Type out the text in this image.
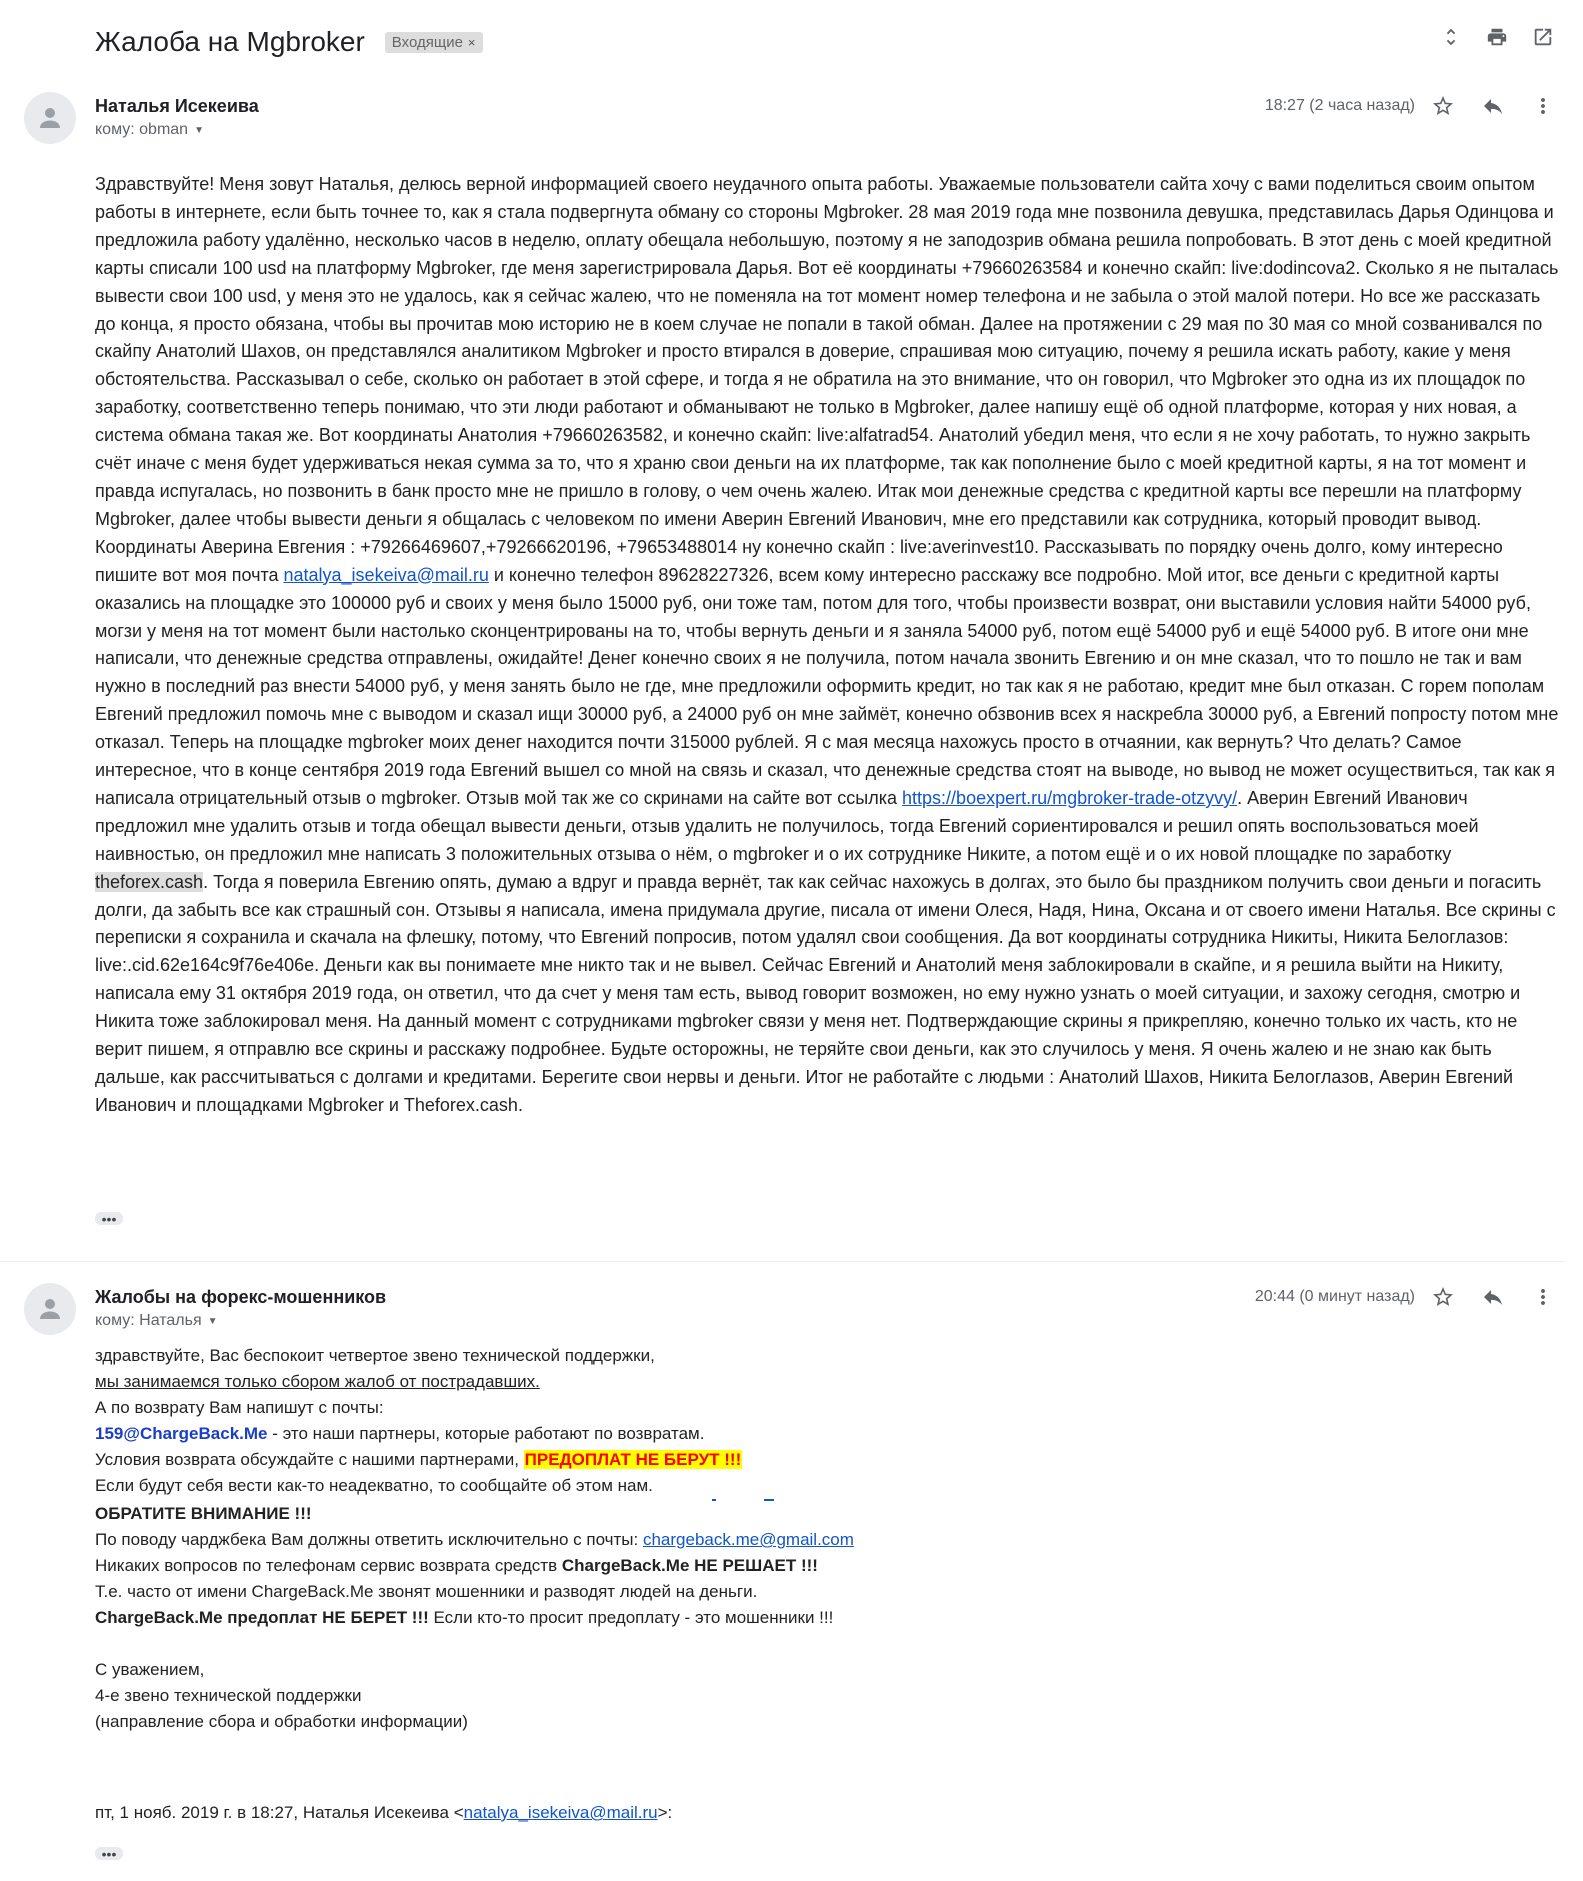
Жалоба на Mgbroker Входящие ×
Наталья Исекеива
кому: obman ▼
18:27 (2 часа назад)
Здравствуйте! Меня зовут Наталья, делюсь верной информацией своего неудачного опыта работы. Уважаемые пользователи сайта хочу с вами поделиться своим опытом работы в интернете, если быть точнее то, как я стала подвергнута обману со стороны Mgbroker. 28 мая 2019 года мне позвонила девушка, представилась Дарья Одинцова и предложила работу удалённо, несколько часов в неделю, оплату обещала небольшую, поэтому я не заподозрив обмана решила попробовать. В этот день с моей кредитной карты списали 100 usd на платформу Mgbroker, где меня зарегистрировала Дарья. Вот её координаты +79660263584 и конечно скайп: live:dodincova2. Сколько я не пыталась вывести свои 100 usd, у меня это не удалось, как я сейчас жалею, что не поменяла на тот момент номер телефона и не забыла о этой малой потери. Но все же рассказать до конца, я просто обязана, чтобы вы прочитав мою историю не в коем случае не попали в такой обман. Далее на протяжении с 29 мая по 30 мая со мной созванивался по скайпу Анатолий Шахов, он представлялся аналитиком Mgbroker и просто втирался в доверие, спрашивая мою ситуацию, почему я решила искать работу, какие у меня обстоятельства. Рассказывал о себе, сколько он работает в этой сфере, и тогда я не обратила на это внимание, что он говорил, что Mgbroker это одна из их площадок по заработку, соответственно теперь понимаю, что эти люди работают и обманывают не только в Mgbroker, далее напишу ещё об одной платформе, которая у них новая, а система обмана такая же. Вот координаты Анатолия +79660263582, и конечно скайп: live:alfatrad54. Анатолий убедил меня, что если я не хочу работать, то нужно закрыть счёт иначе с меня будет удерживаться некая сумма за то, что я храню свои деньги на их платформе, так как пополнение было с моей кредитной карты, я на тот момент и правда испугалась, но позвонить в банк просто мне не пришло в голову, о чем очень жалею. Итак мои денежные средства с кредитной карты все перешли на платформу Mgbroker, далее чтобы вывести деньги я общалась с человеком по имени Аверин Евгений Иванович, мне его представили как сотрудника, который проводит вывод. Координаты Аверина Евгения : +79266469607,+79266620196, +79653488014 ну конечно скайп : live:averinvest10. Рассказывать по порядку очень долго, кому интересно пишите вот моя почта natalya_isekeiva@mail.ru и конечно телефон 89628227326, всем кому интересно расскажу все подробно. Мой итог, все деньги с кредитной карты оказались на площадке это 100000 руб и своих у меня было 15000 руб, они тоже там, потом для того, чтобы произвести возврат, они выставили условия найти 54000 руб, могзи у меня на тот момент были настолько сконцентрированы на то, чтобы вернуть деньги и я заняла 54000 руб, потом ещё 54000 руб и ещё 54000 руб. В итоге они мне написали, что денежные средства отправлены, ожидайте! Денег конечно своих я не получила, потом начала звонить Евгению и он мне сказал, что то пошло не так и вам нужно в последний раз внести 54000 руб, у меня занять было не где, мне предложили оформить кредит, но так как я не работаю, кредит мне был отказан. С горем пополам Евгений предложил помочь мне с выводом и сказал ищи 30000 руб, а 24000 руб он мне займёт, конечно обзвонив всех я наскребла 30000 руб, а Евгений попросту потом мне отказал. Теперь на площадке mgbroker моих денег находится почти 315000 рублей. Я с мая месяца нахожусь просто в отчаянии, как вернуть? Что делать? Самое интересное, что в конце сентября 2019 года Евгений вышел со мной на связь и сказал, что денежные средства стоят на выводе, но вывод не может осуществиться, так как я написала отрицательный отзыв о mgbroker. Отзыв мой так же со скринами на сайте вот ссылка https://boexpert.ru/mgbroker-trade-otzyvy/. Аверин Евгений Иванович предложил мне удалить отзыв и тогда обещал вывести деньги, отзыв удалить не получилось, тогда Евгений сориентировался и решил опять воспользоваться моей наивностью, он предложил мне написать 3 положительных отзыва о нём, о mgbroker и о их сотруднике Никите, а потом ещё и о их новой площадке по заработку theforex.cash. Тогда я поверила Евгению опять, думаю а вдруг и правда вернёт, так как сейчас нахожусь в долгах, это было бы праздником получить свои деньги и погасить долги, да забыть все как страшный сон. Отзывы я написала, имена придумала другие, писала от имени Олеся, Надя, Нина, Оксана и от своего имени Наталья. Все скрины с переписки я сохранила и скачала на флешку, потому, что Евгений попросив, потом удалял свои сообщения. Да вот координаты сотрудника Никиты, Никита Белоглазов: live:.cid.62e164c9f76e406e. Деньги как вы понимаете мне никто так и не вывел. Сейчас Евгений и Анатолий меня заблокировали в скайпе, и я решила выйти на Никиту, написала ему 31 октября 2019 года, он ответил, что да счет у меня там есть, вывод говорит возможен, но ему нужно узнать о моей ситуации, и захожу сегодня, смотрю и Никита тоже заблокировал меня. На данный момент с сотрудниками mgbroker связи у меня нет. Подтверждающие скрины я прикрепляю, конечно только их часть, кто не верит пишем, я отправлю все скрины и расскажу подробнее. Будьте осторожны, не теряйте свои деньги, как это случилось у меня. Я очень жалею и не знаю как быть дальше, как рассчитываться с долгами и кредитами. Берегите свои нервы и деньги. Итог не работайте с людьми : Анатолий Шахов, Никита Белоглазов, Аверин Евгений Иванович и площадками Mgbroker и Theforex.cash.
•••
Жалобы на форекс-мошенников
кому: Наталья ▼
20:44 (0 минут назад)
здравствуйте, Вас беспокоит четвертое звено технической поддержки,
мы занимаемся только сбором жалоб от пострадавших.
А по возврату Вам напишут с почты:
159@ChargeBack.Me - это наши партнеры, которые работают по возвратам.
Условия возврата обсуждайте с нашими партнерами, ПРЕДОПЛАТ НЕ БЕРУТ !!!
Если будут себя вести как-то неадекватно, то сообщайте об этом нам.
ОБРАТИТЕ ВНИМАНИЕ !!!
По поводу чарджбека Вам должны ответить исключительно с почты: chargeback.me@gmail.com
Никаких вопросов по телефонам сервис возврата средств ChargeBack.Me НЕ РЕШАЕТ !!!
Т.е. часто от имени ChargeBack.Me звонят мошенники и разводят людей на деньги.
ChargeBack.Me предоплат НЕ БЕРЕТ !!! Если кто-то просит предоплату - это мошенники !!!
С уважением,
4-е звено технической поддержки
(направление сбора и обработки информации)
пт, 1 нояб. 2019 г. в 18:27, Наталья Исекеива <natalya_isekeiva@mail.ru>:
•••
